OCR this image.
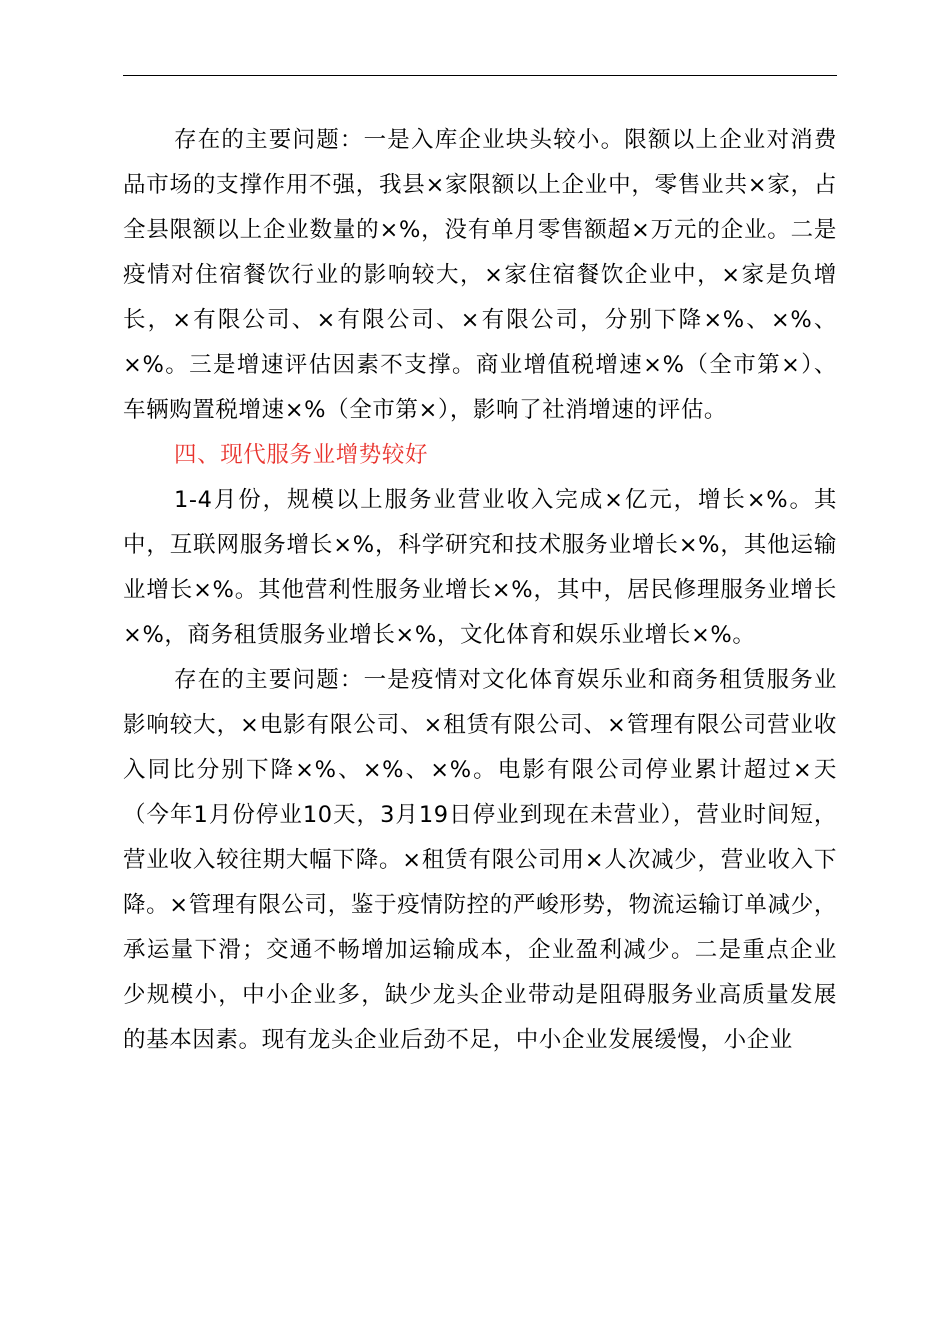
存在的主要问题：一是入库企业块头较小。限额以上企业对消费品市场的支撑作用不强，我县×家限额以上企业中，零售业共×家，占全县限额以上企业数量的×%，没有单月零售额超×万元的企业。二是疫情对住宿餐饮行业的影响较大，×家住宿餐饮企业中，×家是负增长，×有限公司、×有限公司、×有限公司，分别下降×%、×%、×%。三是增速评估因素不支撑。商业增值税增速×%（全市第×）、车辆购置税增速×%（全市第×），影响了社消增速的评估。

四、现代服务业增势较好

1-4月份，规模以上服务业营业收入完成×亿元，增长×%。其中，互联网服务增长×%，科学研究和技术服务业增长×%，其他运输业增长×%。其他营利性服务业增长×%，其中，居民修理服务业增长×%，商务租赁服务业增长×%，文化体育和娱乐业增长×%。

存在的主要问题：一是疫情对文化体育娱乐业和商务租赁服务业影响较大，×电影有限公司、×租赁有限公司、×管理有限公司营业收入同比分别下降×%、×%、×%。电影有限公司停业累计超过×天（今年1月份停业10天，3月19日停业到现在未营业），营业时间短，营业收入较往期大幅下降。×租赁有限公司用×人次减少，营业收入下降。×管理有限公司，鉴于疫情防控的严峻形势，物流运输订单减少，承运量下滑；交通不畅增加运输成本，企业盈利减少。二是重点企业少规模小，中小企业多，缺少龙头企业带动是阻碍服务业高质量发展的基本因素。现有龙头企业后劲不足，中小企业发展缓慢，小企业
